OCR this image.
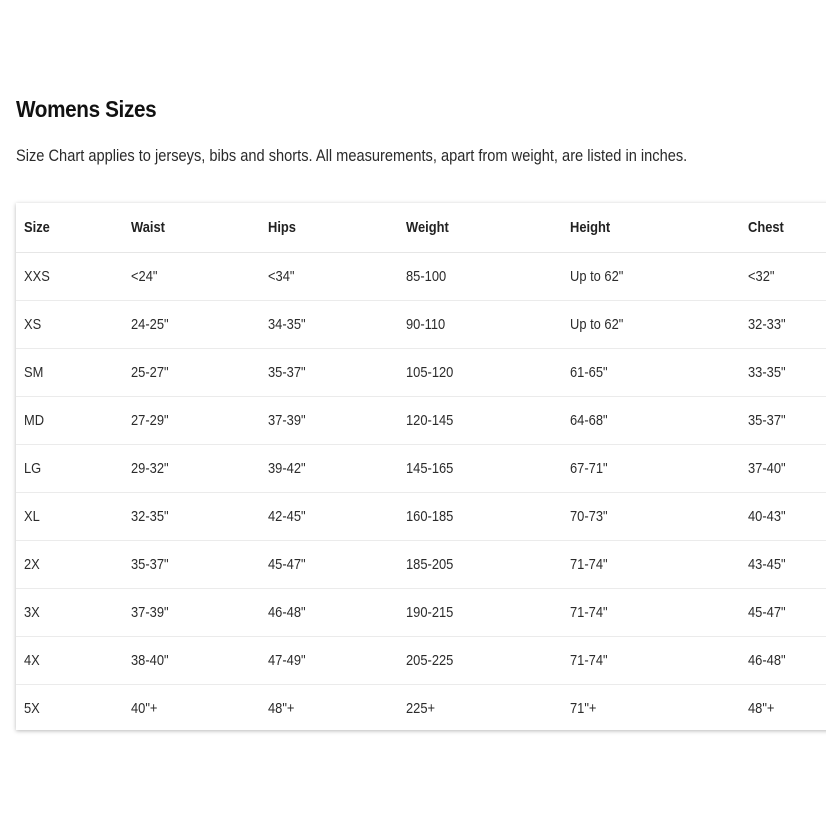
Womens Sizes

Size Chart applies to jerseys, bibs and shorts. All measurements, apart from weight, are listed in inches.

Size	Waist	Hips	Weight	Height	Chest
XXS	<24"	<34"	85-100	Up to 62"	<32"
XS	24-25"	34-35"	90-110	Up to 62"	32-33"
SM	25-27"	35-37"	105-120	61-65"	33-35"
MD	27-29"	37-39"	120-145	64-68"	35-37"
LG	29-32"	39-42"	145-165	67-71"	37-40"
XL	32-35"	42-45"	160-185	70-73"	40-43"
2X	35-37"	45-47"	185-205	71-74"	43-45"
3X	37-39"	46-48"	190-215	71-74"	45-47"
4X	38-40"	47-49"	205-225	71-74"	46-48"
5X	40"+	48"+	225+	71"+	48"+
